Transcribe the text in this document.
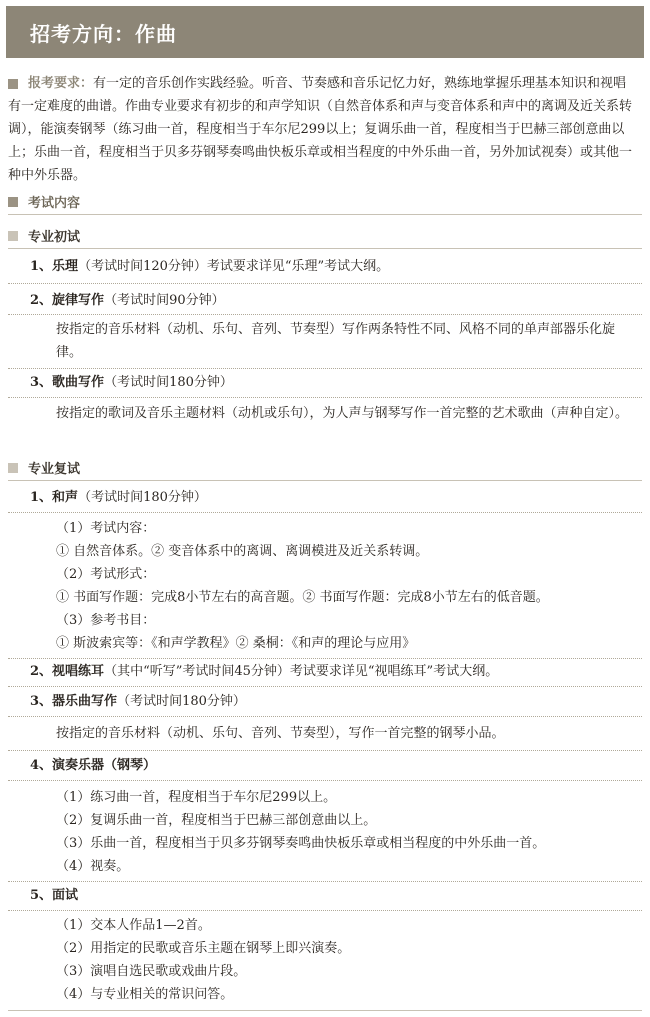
招考方向：作曲
报考要求：有一定的音乐创作实践经验。听音、节奏感和音乐记忆力好，熟练地掌握乐理基本知识和视唱有一定难度的曲谱。作曲专业要求有初步的和声学知识（自然音体系和声与变音体系和声中的离调及近关系转调），能演奏钢琴（练习曲一首，程度相当于车尔尼299以上；复调乐曲一首，程度相当于巴赫三部创意曲以上；乐曲一首，程度相当于贝多芬钢琴奏鸣曲快板乐章或相当程度的中外乐曲一首，另外加试视奏）或其他一种中外乐器。
考试内容
专业初试
1、乐理（考试时间120分钟）考试要求详见“乐理”考试大纲。
2、旋律写作（考试时间90分钟）
按指定的音乐材料（动机、乐句、音列、节奏型）写作两条特性不同、风格不同的单声部器乐化旋律。
3、歌曲写作（考试时间180分钟）
按指定的歌词及音乐主题材料（动机或乐句），为人声与钢琴写作一首完整的艺术歌曲（声种自定）。
专业复试
1、和声（考试时间180分钟）
（1）考试内容：
① 自然音体系。② 变音体系中的离调、离调模进及近关系转调。
（2）考试形式：
① 书面写作题：完成8小节左右的高音题。② 书面写作题：完成8小节左右的低音题。
（3）参考书目：
① 斯波索宾等：《和声学教程》② 桑桐：《和声的理论与应用》
2、视唱练耳（其中“听写”考试时间45分钟）考试要求详见“视唱练耳”考试大纲。
3、器乐曲写作（考试时间180分钟）
按指定的音乐材料（动机、乐句、音列、节奏型），写作一首完整的钢琴小品。
4、演奏乐器（钢琴）
（1）练习曲一首，程度相当于车尔尼299以上。
（2）复调乐曲一首，程度相当于巴赫三部创意曲以上。
（3）乐曲一首，程度相当于贝多芬钢琴奏鸣曲快板乐章或相当程度的中外乐曲一首。
（4）视奏。
5、面试
（1）交本人作品1—2首。
（2）用指定的民歌或音乐主题在钢琴上即兴演奏。
（3）演唱自选民歌或戏曲片段。
（4）与专业相关的常识问答。
